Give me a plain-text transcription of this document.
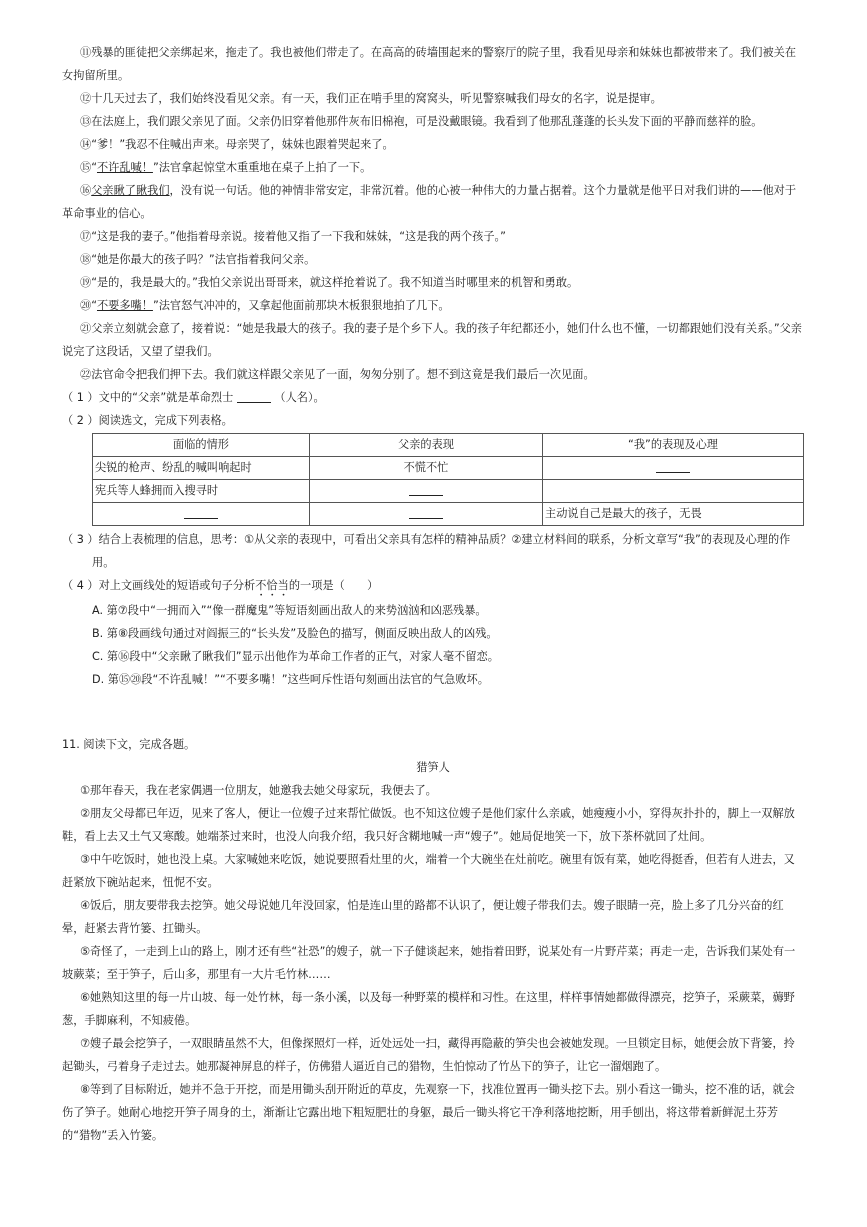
⑪残暴的匪徒把父亲绑起来，拖走了。我也被他们带走了。在高高的砖墙围起来的警察厅的院子里，我看见母亲和妹妹也都被带来了。我们被关在女拘留所里。

⑫十几天过去了，我们始终没看见父亲。有一天，我们正在啃手里的窝窝头，听见警察喊我们母女的名字，说是提审。

⑬在法庭上，我们跟父亲见了面。父亲仍旧穿着他那件灰布旧棉袍，可是没戴眼镜。我看到了他那乱蓬蓬的长头发下面的平静而慈祥的脸。

⑭“爹！”我忍不住喊出声来。母亲哭了，妹妹也跟着哭起来了。

⑮“不许乱喊！”法官拿起惊堂木重重地在桌子上拍了一下。

⑯父亲瞅了瞅我们，没有说一句话。他的神情非常安定，非常沉着。他的心被一种伟大的力量占据着。这个力量就是他平日对我们讲的——他对于革命事业的信心。

⑰“这是我的妻子。”他指着母亲说。接着他又指了一下我和妹妹，“这是我的两个孩子。”

⑱“她是你最大的孩子吗？”法官指着我问父亲。

⑲“是的，我是最大的。”我怕父亲说出哥哥来，就这样抢着说了。我不知道当时哪里来的机智和勇敢。

⑳“不要多嘴！”法官怒气冲冲的，又拿起他面前那块木板狠狠地拍了几下。

㉑父亲立刻就会意了，接着说：“她是我最大的孩子。我的妻子是个乡下人。我的孩子年纪都还小，她们什么也不懂，一切都跟她们没有关系。”父亲说完了这段话，又望了望我们。

㉒法官命令把我们押下去。我们就这样跟父亲见了一面，匆匆分别了。想不到这竟是我们最后一次见面。

（ 1 ）文中的“父亲”就是革命烈士	（人名）。

（ 2 ）阅读选文，完成下列表格。

面临的情形	父亲的表现	“我”的表现及心理
尖锐的枪声、纷乱的喊叫响起时	不慌不忙	
宪兵等人蜂拥而入搜寻时		
		主动说自己是最大的孩子，无畏

（ 3 ）结合上表梳理的信息，思考：①从父亲的表现中，可看出父亲具有怎样的精神品质？②建立材料间的联系，分析文章写“我”的表现及心理的作用。

（ 4 ）对上文画线处的短语或句子分析不恰当的一项是（　　）

A. 第⑦段中“一拥而入”“像一群魔鬼”等短语刻画出敌人的来势汹汹和凶恶残暴。

B. 第⑧段画线句通过对阎振三的“长头发”及脸色的描写，侧面反映出敌人的凶残。

C. 第⑯段中“父亲瞅了瞅我们”显示出他作为革命工作者的正气，对家人毫不留恋。

D. 第⑮⑳段“不许乱喊！”“不要多嘴！”这些呵斥性语句刻画出法官的气急败坏。

11. 阅读下文，完成各题。

猎笋人

①那年春天，我在老家偶遇一位朋友，她邀我去她父母家玩，我便去了。

②朋友父母都已年迈，见来了客人，便让一位嫂子过来帮忙做饭。也不知这位嫂子是他们家什么亲戚，她瘦瘦小小，穿得灰扑扑的，脚上一双解放鞋，看上去又土气又寒酸。她端茶过来时，也没人向我介绍，我只好含糊地喊一声“嫂子”。她局促地笑一下，放下茶杯就回了灶间。

③中午吃饭时，她也没上桌。大家喊她来吃饭，她说要照看灶里的火，端着一个大碗坐在灶前吃。碗里有饭有菜，她吃得挺香，但若有人进去，又赶紧放下碗站起来，忸怩不安。

④饭后，朋友要带我去挖笋。她父母说她几年没回家，怕是连山里的路都不认识了，便让嫂子带我们去。嫂子眼睛一亮，脸上多了几分兴奋的红晕，赶紧去背竹篓、扛锄头。

⑤奇怪了，一走到上山的路上，刚才还有些“社恐”的嫂子，就一下子健谈起来，她指着田野，说某处有一片野芹菜；再走一走，告诉我们某处有一坡蕨菜；至于笋子，后山多，那里有一大片毛竹林……

⑥她熟知这里的每一片山坡、每一处竹林，每一条小溪，以及每一种野菜的模样和习性。在这里，样样事情她都做得漂亮，挖笋子，采蕨菜，薅野葱，手脚麻利，不知疲倦。

⑦嫂子最会挖笋子，一双眼睛虽然不大，但像探照灯一样，近处远处一扫，藏得再隐蔽的笋尖也会被她发现。一旦锁定目标，她便会放下背篓，拎起锄头，弓着身子走过去。她那凝神屏息的样子，仿佛猎人逼近自己的猎物，生怕惊动了竹丛下的笋子，让它一溜烟跑了。

⑧等到了目标附近，她并不急于开挖，而是用锄头刮开附近的草皮，先观察一下，找准位置再一锄头挖下去。别小看这一锄头，挖不准的话，就会伤了笋子。她耐心地挖开笋子周身的土，渐渐让它露出地下粗短肥壮的身躯，最后一锄头将它干净利落地挖断，用手刨出，将这带着新鲜泥土芬芳的“猎物”丢入竹篓。
